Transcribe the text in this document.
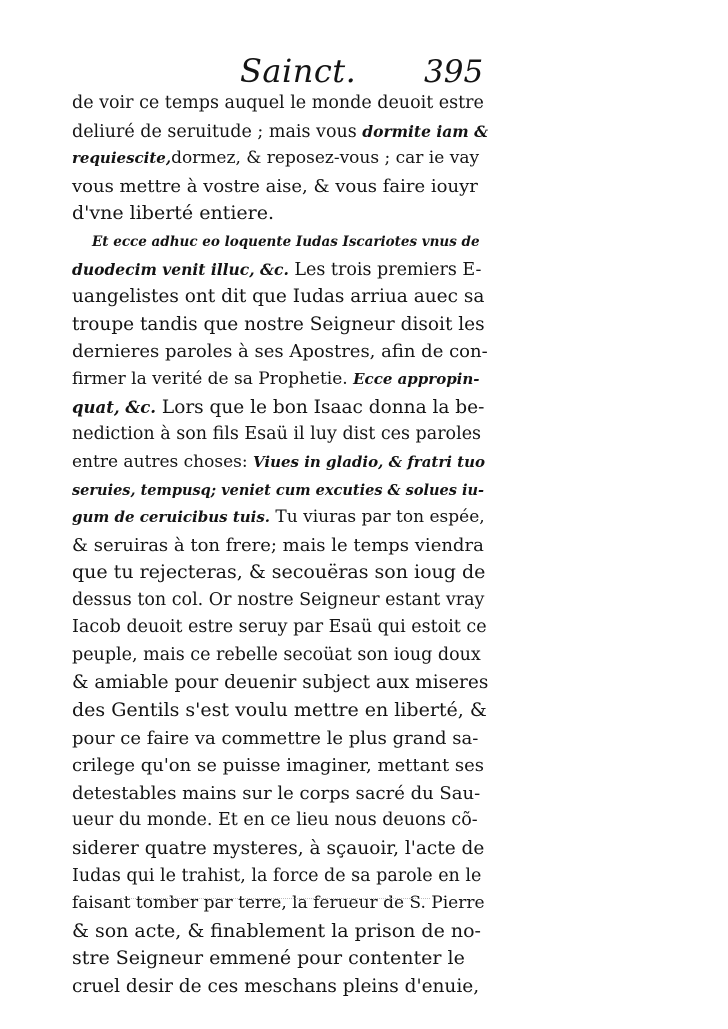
Sainct. 395
de voir ce temps auquel le monde deuoit estre
deliuré de seruitude ; mais vous dormite iam &
requiescite,dormez, & reposez-vous ; car ie vay
vous mettre à vostre aise, & vous faire iouyr
d'vne liberté entiere.
Et ecce adhuc eo loquente Iudas Iscariotes vnus de
duodecim venit illuc, &c. Les trois premiers E-
uangelistes ont dit que Iudas arriua auec sa
troupe tandis que nostre Seigneur disoit les
dernieres paroles à ses Apostres, afin de con-
firmer la verité de sa Prophetie. Ecce appropin-
quat, &c. Lors que le bon Isaac donna la be-
nediction à son fils Esaü il luy dist ces paroles
entre autres choses: Viues in gladio, & fratri tuo
seruies, tempusq; veniet cum excuties & solues iu-
gum de ceruicibus tuis. Tu viuras par ton espée,
& seruiras à ton frere; mais le temps viendra
que tu rejecteras, & secouëras son ioug de
dessus ton col. Or nostre Seigneur estant vray
Iacob deuoit estre seruy par Esaü qui estoit ce
peuple, mais ce rebelle secoüat son ioug doux
& amiable pour deuenir subject aux miseres
des Gentils s'est voulu mettre en liberté, &
pour ce faire va commettre le plus grand sa-
crilege qu'on se puisse imaginer, mettant ses
detestables mains sur le corps sacré du Sau-
ueur du monde. Et en ce lieu nous deuons cõ-
siderer quatre mysteres, à sçauoir, l'acte de
Iudas qui le trahist, la force de sa parole en le
faisant tomber par terre, la ferueur de S. Pierre
& son acte, & finablement la prison de no-
stre Seigneur emmené pour contenter le
cruel desir de ces meschans pleins d'enuie,
